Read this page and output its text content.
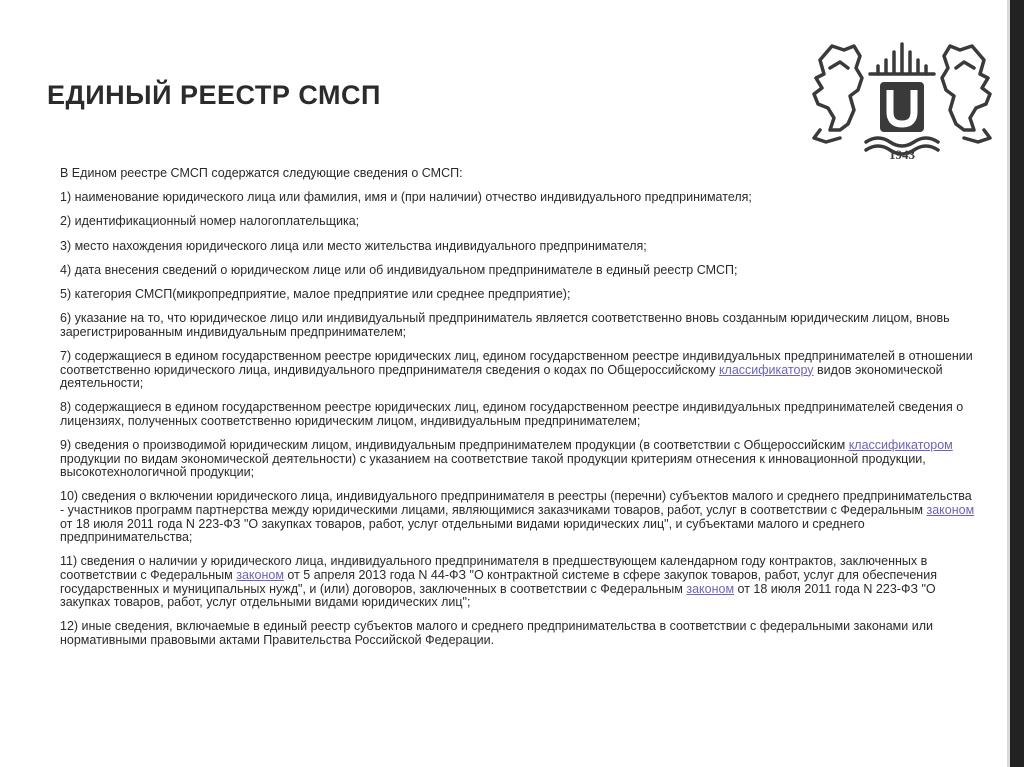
ЕДИНЫЙ РЕЕСТР СМСП
1943

В Едином реестре СМСП содержатся следующие сведения о СМСП:

1) наименование юридического лица или фамилия, имя и (при наличии) отчество индивидуального предпринимателя;

2) идентификационный номер налогоплательщика;

3) место нахождения юридического лица или место жительства индивидуального предпринимателя;

4) дата внесения сведений о юридическом лице или об индивидуальном предпринимателе в единый реестр СМСП;

5) категория СМСП(микропредприятие, малое предприятие или среднее предприятие);

6) указание на то, что юридическое лицо или индивидуальный предприниматель является соответственно вновь созданным юридическим лицом, вновь зарегистрированным индивидуальным предпринимателем;

7) содержащиеся в едином государственном реестре юридических лиц, едином государственном реестре индивидуальных предпринимателей в отношении соответственно юридического лица, индивидуального предпринимателя сведения о кодах по Общероссийскому классификатору видов экономической деятельности;

8) содержащиеся в едином государственном реестре юридических лиц, едином государственном реестре индивидуальных предпринимателей сведения о лицензиях, полученных соответственно юридическим лицом, индивидуальным предпринимателем;

9) сведения о производимой юридическим лицом, индивидуальным предпринимателем продукции (в соответствии с Общероссийским классификатором продукции по видам экономической деятельности) с указанием на соответствие такой продукции критериям отнесения к инновационной продукции, высокотехнологичной продукции;

10) сведения о включении юридического лица, индивидуального предпринимателя в реестры (перечни) субъектов малого и среднего предпринимательства - участников программ партнерства между юридическими лицами, являющимися заказчиками товаров, работ, услуг в соответствии с Федеральным законом от 18 июля 2011 года N 223-ФЗ "О закупках товаров, работ, услуг отдельными видами юридических лиц", и субъектами малого и среднего предпринимательства;

11) сведения о наличии у юридического лица, индивидуального предпринимателя в предшествующем календарном году контрактов, заключенных в соответствии с Федеральным законом от 5 апреля 2013 года N 44-ФЗ "О контрактной системе в сфере закупок товаров, работ, услуг для обеспечения государственных и муниципальных нужд", и (или) договоров, заключенных в соответствии с Федеральным законом от 18 июля 2011 года N 223-ФЗ "О закупках товаров, работ, услуг отдельными видами юридических лиц";

12) иные сведения, включаемые в единый реестр субъектов малого и среднего предпринимательства в соответствии с федеральными законами или нормативными правовыми актами Правительства Российской Федерации.
